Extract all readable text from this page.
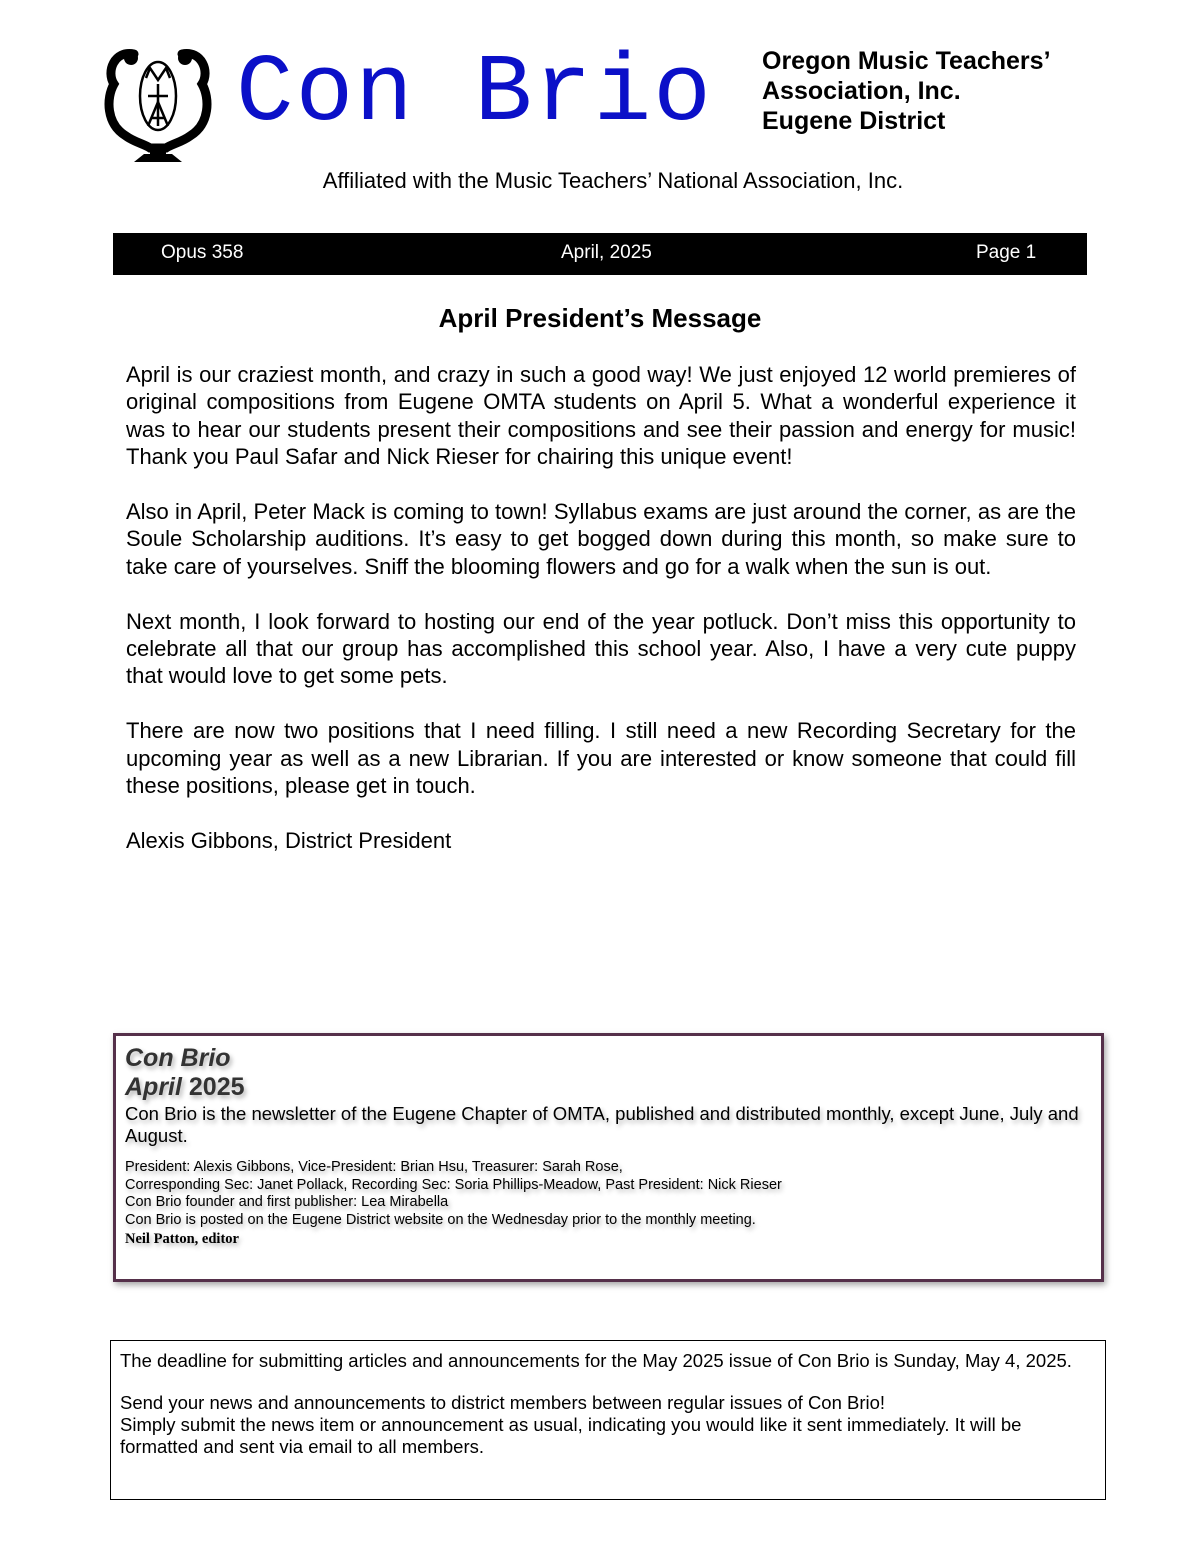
Con Brio Oregon Music Teachers’
Association, Inc.
Eugene District
Affiliated with the Music Teachers’ National Association, Inc.
Opus 358	April, 2025	Page 1
April President’s Message

April is our craziest month, and crazy in such a good way! We just enjoyed 12 world premieres of original compositions from Eugene OMTA students on April 5. What a wonderful experience it was to hear our students present their compositions and see their passion and energy for music! Thank you Paul Safar and Nick Rieser for chairing this unique event!

Also in April, Peter Mack is coming to town! Syllabus exams are just around the corner, as are the Soule Scholarship auditions. It’s easy to get bogged down during this month, so make sure to take care of yourselves. Sniff the blooming flowers and go for a walk when the sun is out.

Next month, I look forward to hosting our end of the year potluck. Don’t miss this opportunity to celebrate all that our group has accomplished this school year. Also, I have a very cute puppy that would love to get some pets.

There are now two positions that I need filling. I still need a new Recording Secretary for the upcoming year as well as a new Librarian. If you are interested or know someone that could fill these positions, please get in touch.

Alexis Gibbons, District President

Con Brio
April 2025
Con Brio is the newsletter of the Eugene Chapter of OMTA, published and distributed monthly, except June, July and August.
President: Alexis Gibbons, Vice-President: Brian Hsu, Treasurer: Sarah Rose,
Corresponding Sec: Janet Pollack, Recording Sec: Soria Phillips-Meadow, Past President: Nick Rieser
Con Brio founder and first publisher: Lea Mirabella
Con Brio is posted on the Eugene District website on the Wednesday prior to the monthly meeting.
Neil Patton, editor

The deadline for submitting articles and announcements for the May 2025 issue of Con Brio is Sunday, May 4, 2025.

Send your news and announcements to district members between regular issues of Con Brio!

Simply submit the news item or announcement as usual, indicating you would like it sent immediately. It will be formatted and sent via email to all members.
